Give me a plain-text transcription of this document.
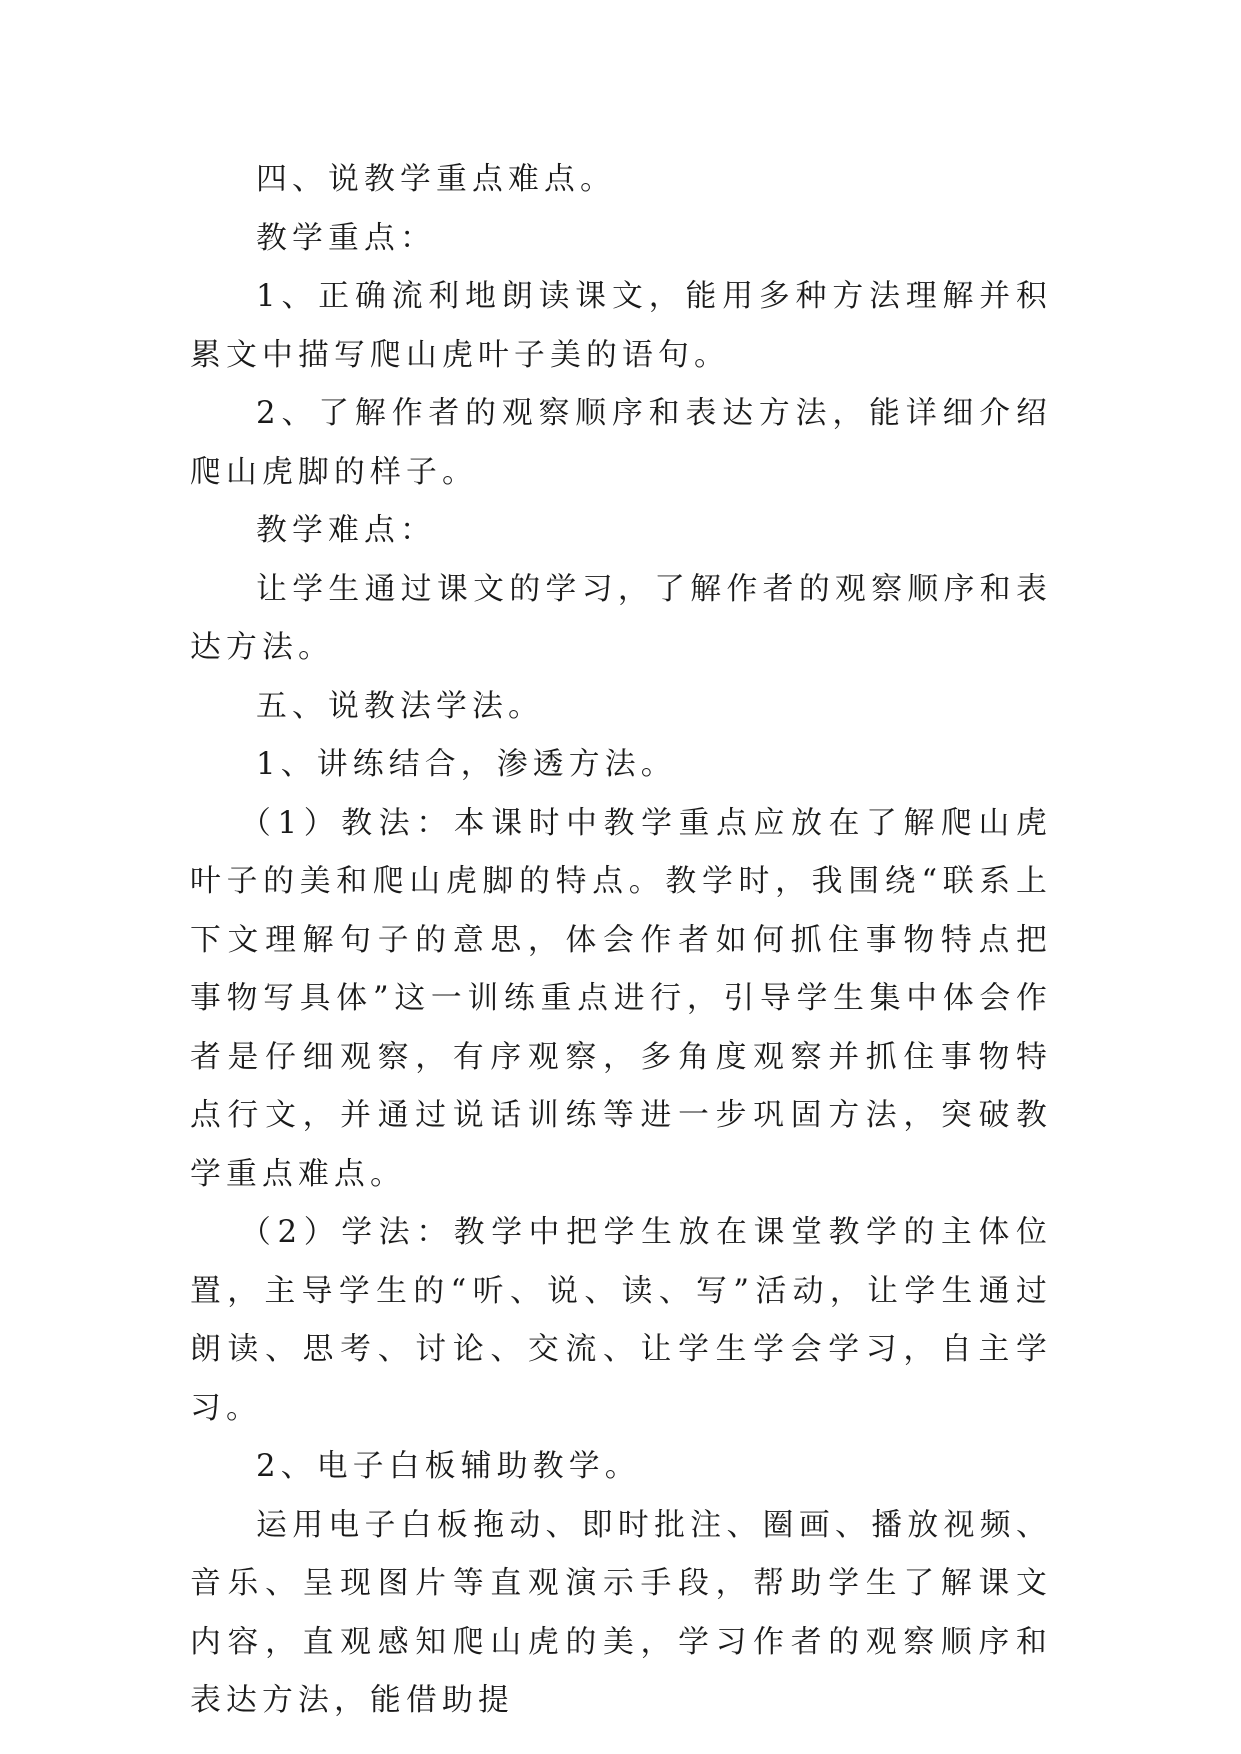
四、说教学重点难点。

教学重点：

1、正确流利地朗读课文，能用多种方法理解并积累文中描写爬山虎叶子美的语句。

2、了解作者的观察顺序和表达方法，能详细介绍爬山虎脚的样子。

教学难点：

让学生通过课文的学习，了解作者的观察顺序和表达方法。

五、说教法学法。

1、讲练结合，渗透方法。

（1）教法：本课时中教学重点应放在了解爬山虎叶子的美和爬山虎脚的特点。教学时，我围绕“联系上下文理解句子的意思，体会作者如何抓住事物特点把事物写具体”这一训练重点进行，引导学生集中体会作者是仔细观察，有序观察，多角度观察并抓住事物特点行文，并通过说话训练等进一步巩固方法，突破教学重点难点。

（2）学法：教学中把学生放在课堂教学的主体位置，主导学生的“听、说、读、写”活动，让学生通过朗读、思考、讨论、交流、让学生学会学习，自主学习。

2、电子白板辅助教学。

运用电子白板拖动、即时批注、圈画、播放视频、音乐、呈现图片等直观演示手段，帮助学生了解课文内容，直观感知爬山虎的美，学习作者的观察顺序和表达方法，能借助提
